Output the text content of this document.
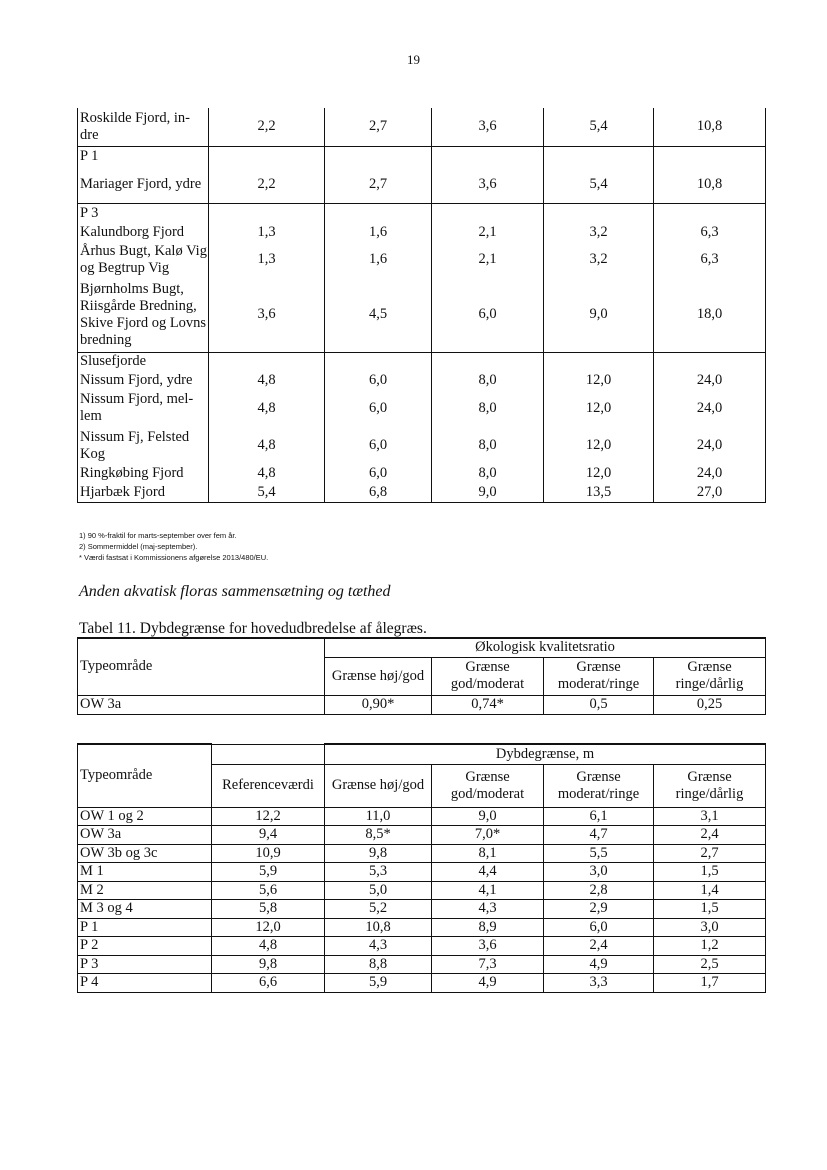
19
Roskilde Fjord, in-dre	2,2	2,7	3,6	5,4	10,8
P 1					
Mariager Fjord, ydre	2,2	2,7	3,6	5,4	10,8
P 3					
Kalundborg Fjord	1,3	1,6	2,1	3,2	6,3
Århus Bugt, Kalø Vig og Begtrup Vig	1,3	1,6	2,1	3,2	6,3
Bjørnholms Bugt, Riisgårde Bredning, Skive Fjord og Lovns bredning	3,6	4,5	6,0	9,0	18,0
Slusefjorde					
Nissum Fjord, ydre	4,8	6,0	8,0	12,0	24,0
Nissum Fjord, mel-lem	4,8	6,0	8,0	12,0	24,0
Nissum Fj, Felsted Kog	4,8	6,0	8,0	12,0	24,0
Ringkøbing Fjord	4,8	6,0	8,0	12,0	24,0
Hjarbæk Fjord	5,4	6,8	9,0	13,5	27,0
1) 90 %-fraktil for marts-september over fem år.
2) Sommermiddel (maj-september).
* Værdi fastsat i Kommissionens afgørelse 2013/480/EU.
Anden akvatisk floras sammensætning og tæthed
Tabel 11. Dybdegrænse for hovedudbredelse af ålegræs.
Typeområde	Økologisk kvalitetsratio			
	Grænse høj/god	Grænse god/moderat	Grænse moderat/ringe	Grænse ringe/dårlig
OW 3a	0,90*	0,74*	0,5	0,25
Typeområde		Dybdegrænse, m			
	Referenceværdi	Grænse høj/god	Grænse god/moderat	Grænse moderat/ringe	Grænse ringe/dårlig
OW 1 og 2	12,2	11,0	9,0	6,1	3,1
OW 3a	9,4	8,5*	7,0*	4,7	2,4
OW 3b og 3c	10,9	9,8	8,1	5,5	2,7
M 1	5,9	5,3	4,4	3,0	1,5
M 2	5,6	5,0	4,1	2,8	1,4
M 3 og 4	5,8	5,2	4,3	2,9	1,5
P 1	12,0	10,8	8,9	6,0	3,0
P 2	4,8	4,3	3,6	2,4	1,2
P 3	9,8	8,8	7,3	4,9	2,5
P 4	6,6	5,9	4,9	3,3	1,7
